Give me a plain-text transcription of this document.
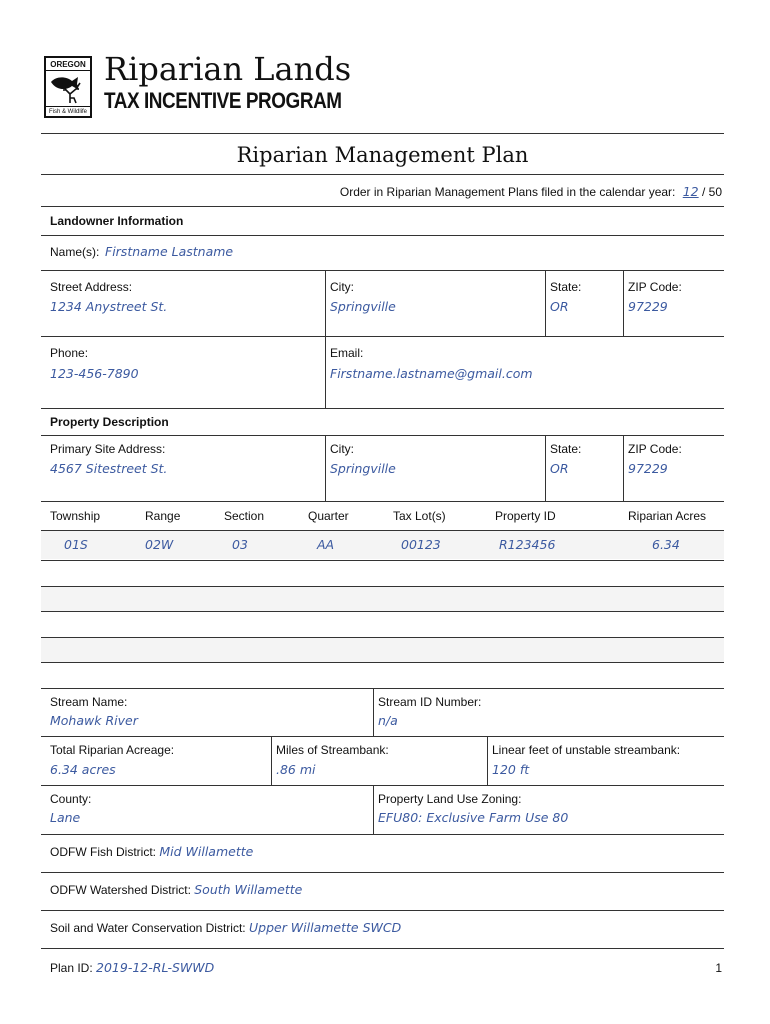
OREGON
Fish & Wildlife
Riparian Lands
TAX INCENTIVE PROGRAM
Riparian Management Plan
Order in Riparian Management Plans filed in the calendar year: 12 / 50
Landowner Information
Name(s): Firstname Lastname
Street Address:
1234 Anystreet St.
City:
Springville
State:
OR
ZIP Code:
97229
Phone:
123-456-7890
Email:
Firstname.lastname@gmail.com
Property Description
Primary Site Address:
4567 Sitestreet St.
City:
Springville
State:
OR
ZIP Code:
97229
Township	Range	Section	Quarter	Tax Lot(s)	Property ID	Riparian Acres
01S	02W	03	AA	00123	R123456	6.34
Stream Name:
Mohawk River
Stream ID Number:
n/a
Total Riparian Acreage:
6.34 acres
Miles of Streambank:
.86 mi
Linear feet of unstable streambank:
120 ft
County:
Lane
Property Land Use Zoning:
EFU80: Exclusive Farm Use 80
ODFW Fish District: Mid Willamette
ODFW Watershed District: South Willamette
Soil and Water Conservation District: Upper Willamette SWCD
Plan ID: 2019-12-RL-SWWD	1
